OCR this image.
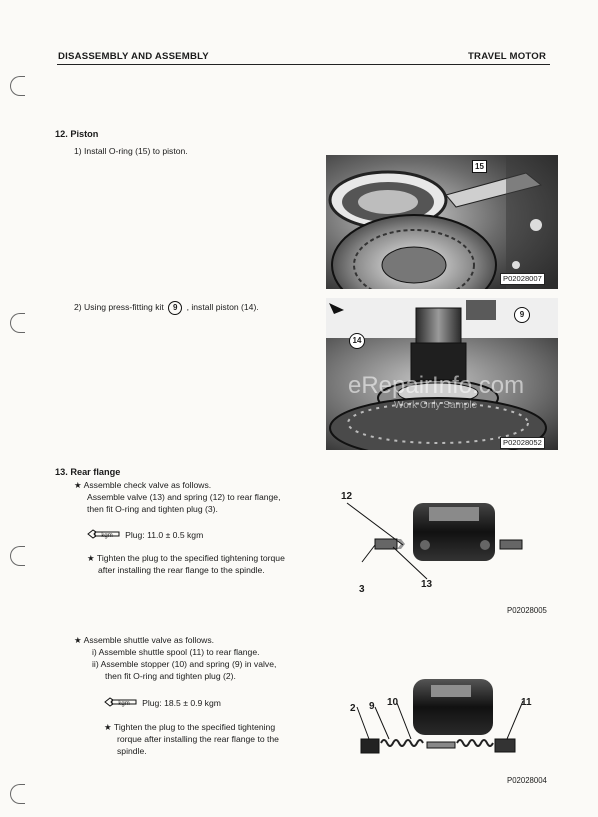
DISASSEMBLY AND ASSEMBLY	TRAVEL MOTOR
12. Piston
1) Install O-ring (15) to piston.
2) Using press-fitting kit 9 , install piston (14).
15
P02028007
9
14
eRepairInfo.com
Work Only Sample
P02028052
13. Rear flange
★ Assemble check valve as follows.
Assemble valve (13) and spring (12) to rear flange,
then fit O-ring and tighten plug (3).
kgm Plug: 11.0 ± 0.5 kgm
★ Tighten the plug to the specified tightening torque
after installing the rear flange to the spindle.
★ Assemble shuttle valve as follows.
i) Assemble shuttle spool (11) to rear flange.
ii) Assemble stopper (10) and spring (9) in valve,
then fit O-ring and tighten plug (2).
kgm Plug: 18.5 ± 0.9 kgm
★ Tighten the plug to the specified tightening
rorque after installing the rear flange to the
spindle.
12
3	13
P02028005
2 9 10	11
P02028004
